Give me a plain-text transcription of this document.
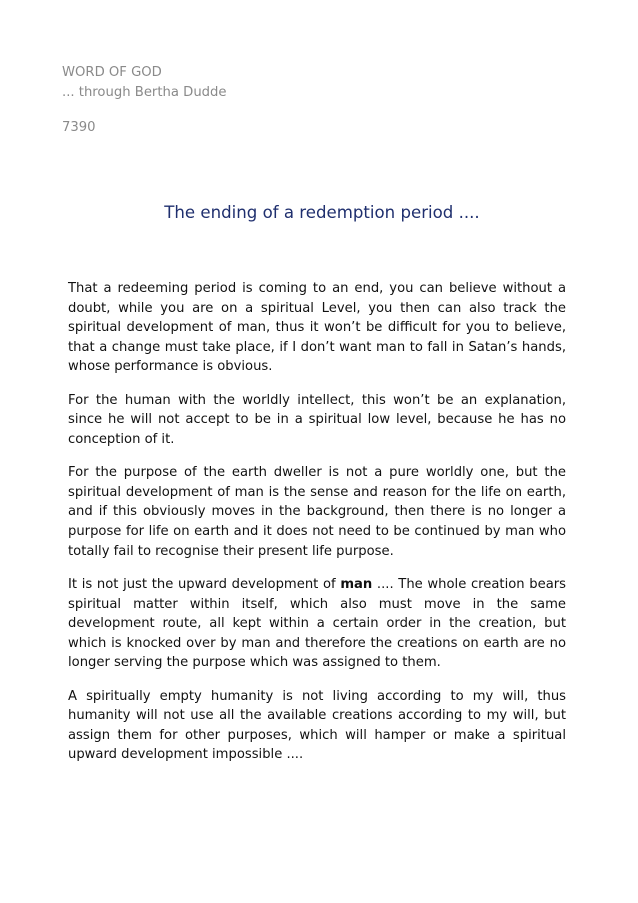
WORD OF GOD
... through Bertha Dudde
7390
The ending of a redemption period ....

That a redeeming period is coming to an end, you can believe without a doubt, while you are on a spiritual Level, you then can also track the spiritual development of man, thus it won’t be difficult for you to believe, that a change must take place, if I don’t want man to fall in Satan’s hands, whose performance is obvious.

For the human with the worldly intellect, this won’t be an explanation, since he will not accept to be in a spiritual low level, because he has no conception of it.

For the purpose of the earth dweller is not a pure worldly one, but the spiritual development of man is the sense and reason for the life on earth, and if this obviously moves in the background, then there is no longer a purpose for life on earth and it does not need to be continued by man who totally fail to recognise their present life purpose.

It is not just the upward development of man .... The whole creation bears spiritual matter within itself, which also must move in the same development route, all kept within a certain order in the creation, but which is knocked over by man and therefore the creations on earth are no longer serving the purpose which was assigned to them.

A spiritually empty humanity is not living according to my will, thus humanity will not use all the available creations according to my will, but assign them for other purposes, which will hamper or make a spiritual upward development impossible ....
